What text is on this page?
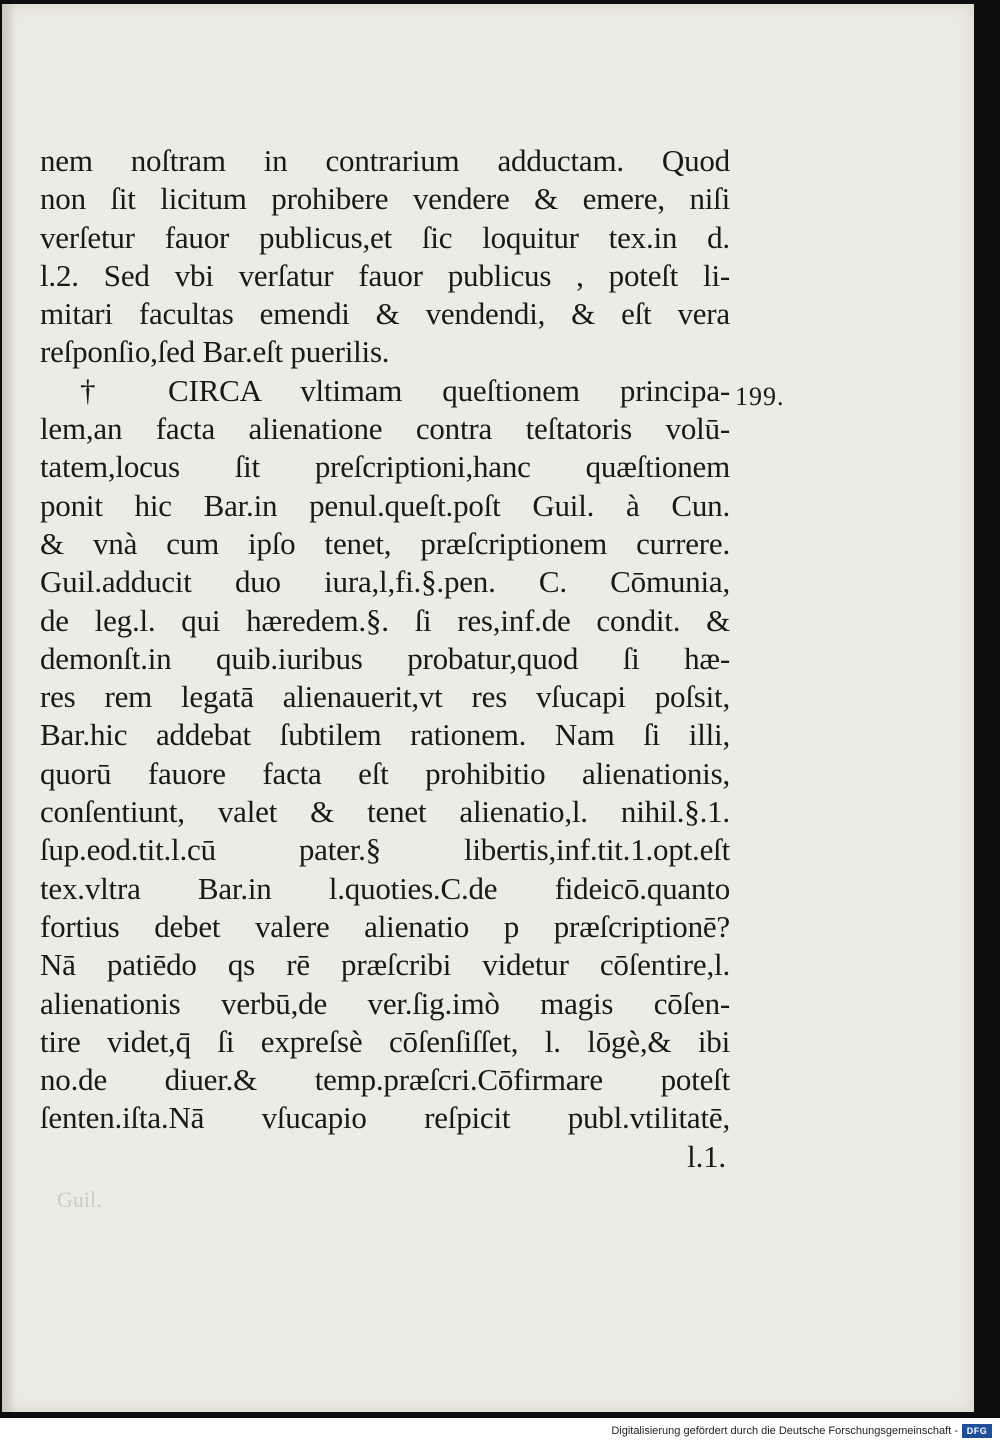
nem noſtram in contrarium adductam. Quod
non ſit licitum prohibere vendere & emere, niſi
verſetur fauor publicus,et ſic loquitur tex.in d.
l.2. Sed vbi verſatur fauor publicus , poteſt li-
mitari facultas emendi & vendendi, & eſt vera
reſponſio,ſed Bar.eſt puerilis.
† CIRCA vltimam queſtionem principa-
lem,an facta alienatione contra teſtatoris volū-
tatem,locus ſit preſcriptioni,hanc quæſtionem
ponit hic Bar.in penul.queſt.poſt Guil. à Cun.
& vnà cum ipſo tenet, præſcriptionem currere.
Guil.adducit duo iura,l,fi.§.pen. C. Cōmunia,
de leg.l. qui hæredem.§. ſi res,inf.de condit. &
demonſt.in quib.iuribus probatur,quod ſi hæ-
res rem legatā alienauerit,vt res vſucapi poſsit,
Bar.hic addebat ſubtilem rationem. Nam ſi illi,
quorū fauore facta eſt prohibitio alienationis,
conſentiunt, valet & tenet alienatio,l. nihil.§.1.
ſup.eod.tit.l.cū pater.§ libertis,inf.tit.1.opt.eſt
tex.vltra Bar.in l.quoties.C.de fideicō.quanto
fortius debet valere alienatio p præſcriptionē?
Nā patiēdo qs rē præſcribi videtur cōſentire,l.
alienationis verbū,de ver.ſig.imò magis cōſen-
tire videt,q̄ ſi expreſsè cōſenſiſſet, l. lōgè,& ibi
no.de diuer.& temp.præſcri.Cōfirmare poteſt
ſenten.iſta.Nā vſucapio reſpicit publ.vtilitatē,
l.1.
199.
Guil.
Digitalisierung gefördert durch die Deutsche Forschungsgemeinschaft - DFG
